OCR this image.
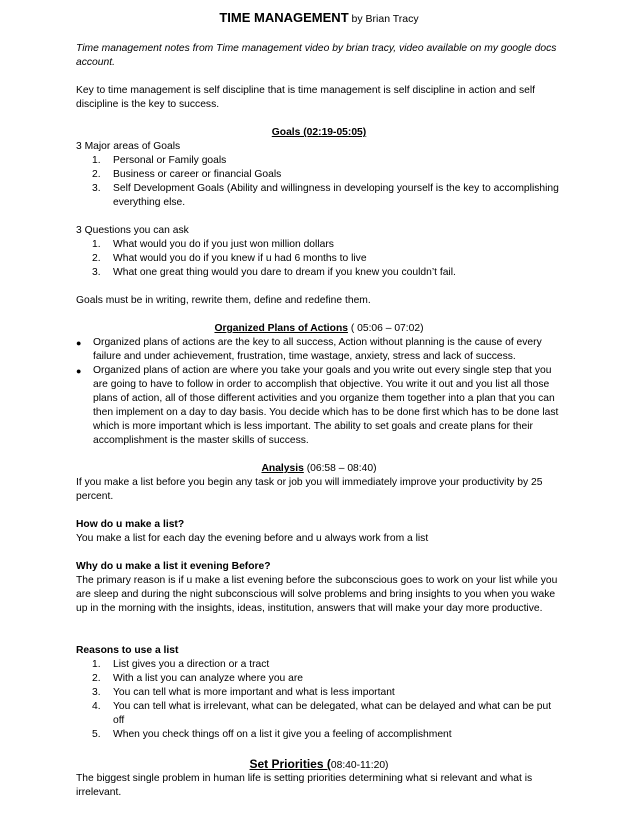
TIME MANAGEMENT by Brian Tracy

Time management notes from Time management video by brian tracy, video available on my google docs account.

Key to time management is self discipline that is time management is self discipline in action and self discipline is the key to success.

Goals (02:19-05:05)

3 Major areas of Goals

1. Personal or Family goals
2. Business or career or financial Goals
3. Self Development Goals (Ability and willingness in developing yourself is the key to accomplishing everything else.

3 Questions you can ask

1. What would you do if you just won million dollars
2. What would you do if you knew if u had 6 months to live
3. What one great thing would you dare to dream if you knew you couldn’t fail.

Goals must be in writing, rewrite them, define and redefine them.

Organized Plans of Actions ( 05:06 – 07:02)
● Organized plans of actions are the key to all success, Action without planning is the cause of every failure and under achievement, frustration, time wastage, anxiety, stress and lack of success.
● Organized plans of action are where you take your goals and you write out every single step that you are going to have to follow in order to accomplish that objective. You write it out and you list all those plans of action, all of those different activities and you organize them together into a plan that you can then implement on a day to day basis. You decide which has to be done first which has to be done last which is more important which is less important. The ability to set goals and create plans for their accomplishment is the master skills of success.
Analysis (06:58 – 08:40)

If you make a list before you begin any task or job you will immediately improve your productivity by 25 percent.

How do u make a list?

You make a list for each day the evening before and u always work from a list

Why do u make a list it evening Before?

The primary reason is if u make a list evening before the subconscious goes to work on your list while you are sleep and during the night subconscious will solve problems and bring insights to you when you wake up in the morning with the insights, ideas, institution, answers that will make your day more productive.

Reasons to use a list

1. List gives you a direction or a tract
2. With a list you can analyze where you are
3. You can tell what is more important and what is less important
4. You can tell what is irrelevant, what can be delegated, what can be delayed and what can be put off
5. When you check things off on a list it give you a feeling of accomplishment
Set Priorities (08:40-11:20)

The biggest single problem in human life is setting priorities determining what si relevant and what is irrelevant.
